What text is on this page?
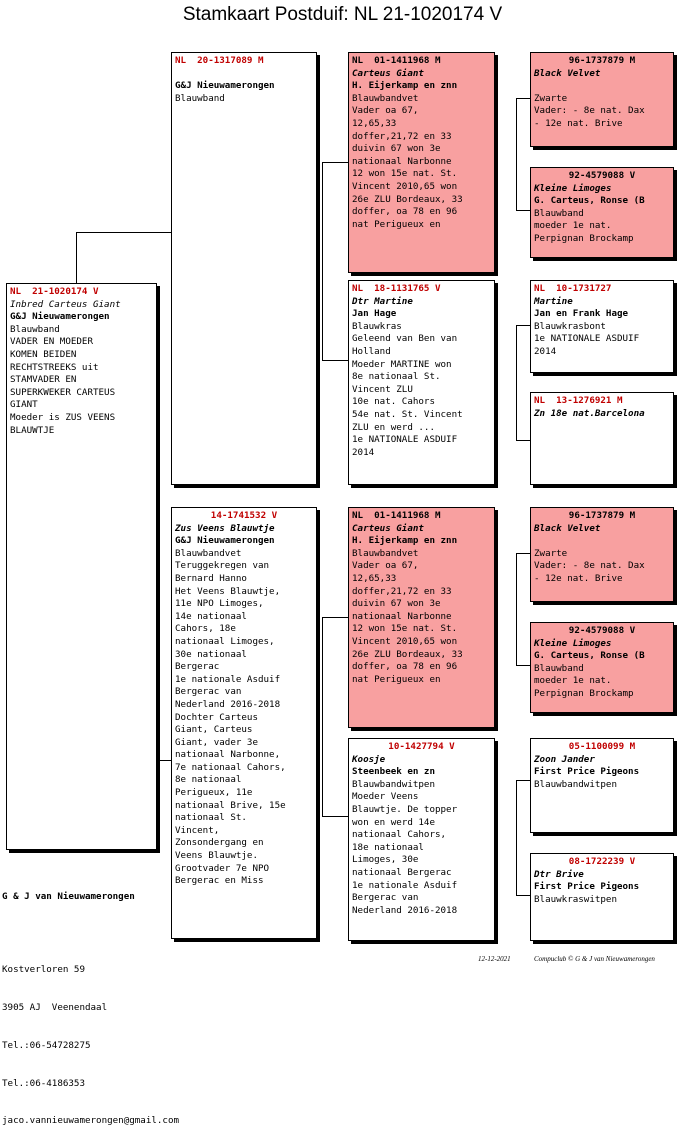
Stamkaart Postduif: NL 21-1020174 V
NL  21-1020174 V
Inbred Carteus Giant
G&J Nieuwamerongen
Blauwband
VADER EN MOEDER
KOMEN BEIDEN
RECHTSTREEKS uit
STAMVADER EN
SUPERKWEKER CARTEUS
GIANT
Moeder is ZUS VEENS
BLAUWTJE
NL  20-1317089 M
G&J Nieuwamerongen
Blauwband
14-1741532 V
Zus Veens Blauwtje
G&J Nieuwamerongen
Blauwbandvet
Teruggekregen van
Bernard Hanno
Het Veens Blauwtje,
11e NPO Limoges,
14e nationaal
Cahors, 18e
nationaal Limoges,
30e nationaal
Bergerac
1e nationale Asduif
Bergerac van
Nederland 2016-2018
Dochter Carteus
Giant, Carteus
Giant, vader 3e
nationaal Narbonne,
7e nationaal Cahors,
8e nationaal
Perigueux, 11e
nationaal Brive, 15e
nationaal St.
Vincent,
Zonsondergang en
Veens Blauwtje.
Grootvader 7e NPO
Bergerac en Miss
NL  01-1411968 M
Carteus Giant
H. Eijerkamp en znn
Blauwbandvet
Vader oa 67,
12,65,33
doffer,21,72 en 33
duivin 67 won 3e
nationaal Narbonne
12 won 15e nat. St.
Vincent 2010,65 won
26e ZLU Bordeaux, 33
doffer, oa 78 en 96
nat Perigueux en
NL  18-1131765 V
Dtr Martine
Jan Hage
Blauwkras
Geleend van Ben van
Holland
Moeder MARTINE won
8e nationaal St.
Vincent ZLU
10e nat. Cahors
54e nat. St. Vincent
ZLU en werd ...
1e NATIONALE ASDUIF
2014
NL  01-1411968 M
Carteus Giant
H. Eijerkamp en znn
Blauwbandvet
Vader oa 67,
12,65,33
doffer,21,72 en 33
duivin 67 won 3e
nationaal Narbonne
12 won 15e nat. St.
Vincent 2010,65 won
26e ZLU Bordeaux, 33
doffer, oa 78 en 96
nat Perigueux en
10-1427794 V
Koosje
Steenbeek en zn
Blauwbandwitpen
Moeder Veens
Blauwtje. De topper
won en werd 14e
nationaal Cahors,
18e nationaal
Limoges, 30e
nationaal Bergerac
1e nationale Asduif
Bergerac van
Nederland 2016-2018
96-1737879 M
Black Velvet
Zwarte
Vader: - 8e nat. Dax
- 12e nat. Brive
92-4579088 V
Kleine Limoges
G. Carteus, Ronse (B
Blauwband
moeder 1e nat.
Perpignan Brockamp
NL  10-1731727
Martine
Jan en Frank Hage
Blauwkrasbont
1e NATIONALE ASDUIF
2014
NL  13-1276921 M
Zn 18e nat.Barcelona
96-1737879 M
Black Velvet
Zwarte
Vader: - 8e nat. Dax
- 12e nat. Brive
92-4579088 V
Kleine Limoges
G. Carteus, Ronse (B
Blauwband
moeder 1e nat.
Perpignan Brockamp
05-1100099 M
Zoon Jander
First Price Pigeons
Blauwbandwitpen
08-1722239 V
Dtr Brive
First Price Pigeons
Blauwkraswitpen

G & J van Nieuwamerongen

Kostverloren 59

3905 AJ  Veenendaal

Tel.:06-54728275

Tel.:06-4186353

jaco.vannieuwamerongen@gmail.com

12-12-2021	Compuclub © G & J van Nieuwamerongen
